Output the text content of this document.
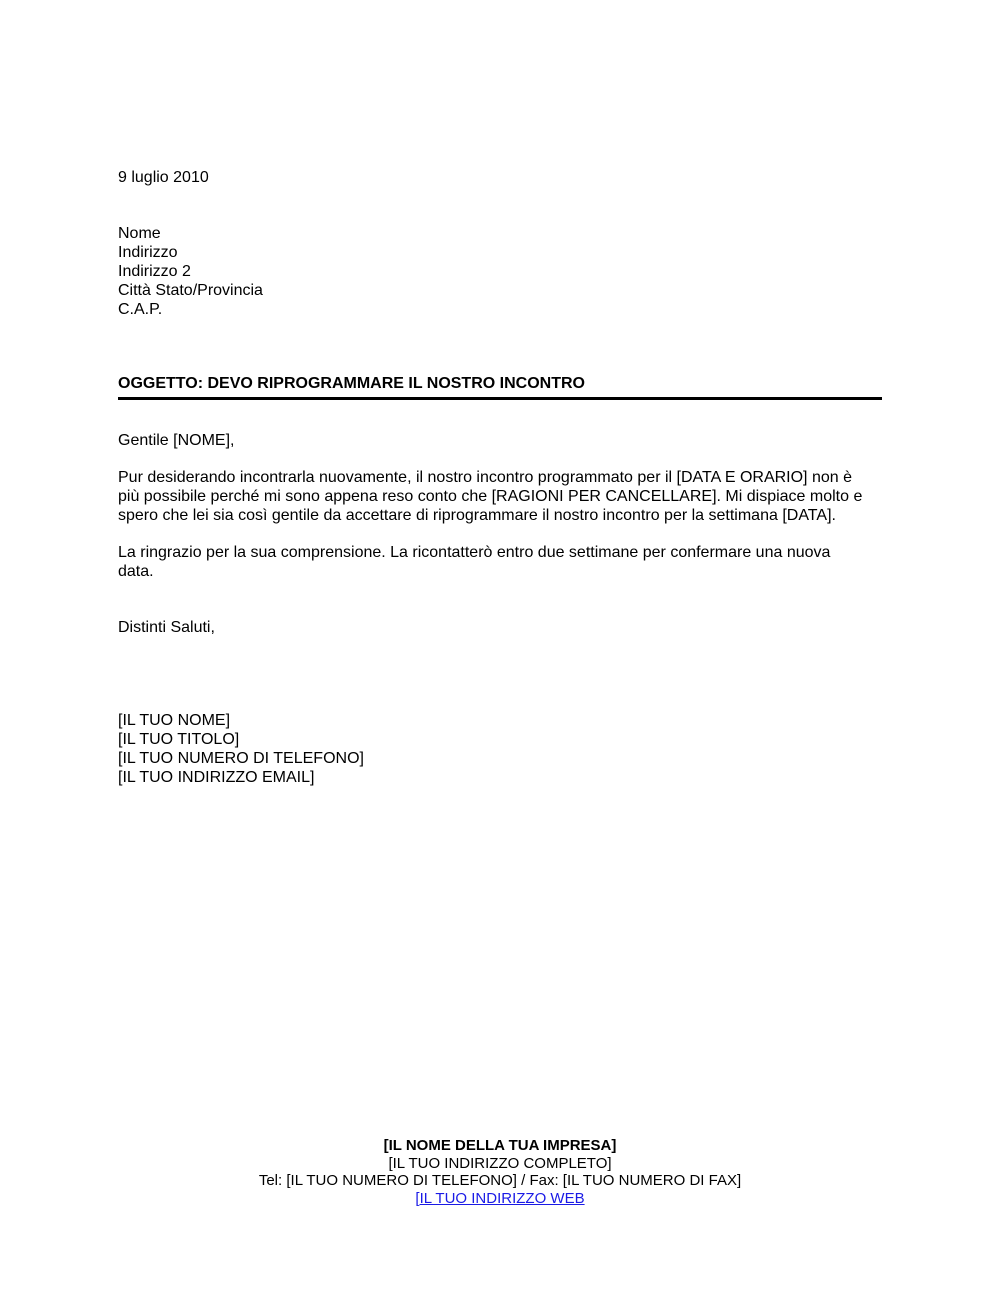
9 luglio 2010
Nome
Indirizzo
Indirizzo 2
Città Stato/Provincia
C.A.P.
OGGETTO: DEVO RIPROGRAMMARE IL NOSTRO INCONTRO
Gentile [NOME],
Pur desiderando incontrarla nuovamente, il nostro incontro programmato per il [DATA E ORARIO] non è
più possibile perché mi sono appena reso conto che [RAGIONI PER CANCELLARE]. Mi dispiace molto e
spero che lei sia così gentile da accettare di riprogrammare il nostro incontro per la settimana [DATA].
La ringrazio per la sua comprensione. La ricontatterò entro due settimane per confermare una nuova
data.
Distinti Saluti,
[IL TUO NOME]
[IL TUO TITOLO]
[IL TUO NUMERO DI TELEFONO]
[IL TUO INDIRIZZO EMAIL]
[IL NOME DELLA TUA IMPRESA]
[IL TUO INDIRIZZO COMPLETO]
Tel: [IL TUO NUMERO DI TELEFONO] / Fax: [IL TUO NUMERO DI FAX]
[IL TUO INDIRIZZO WEB
